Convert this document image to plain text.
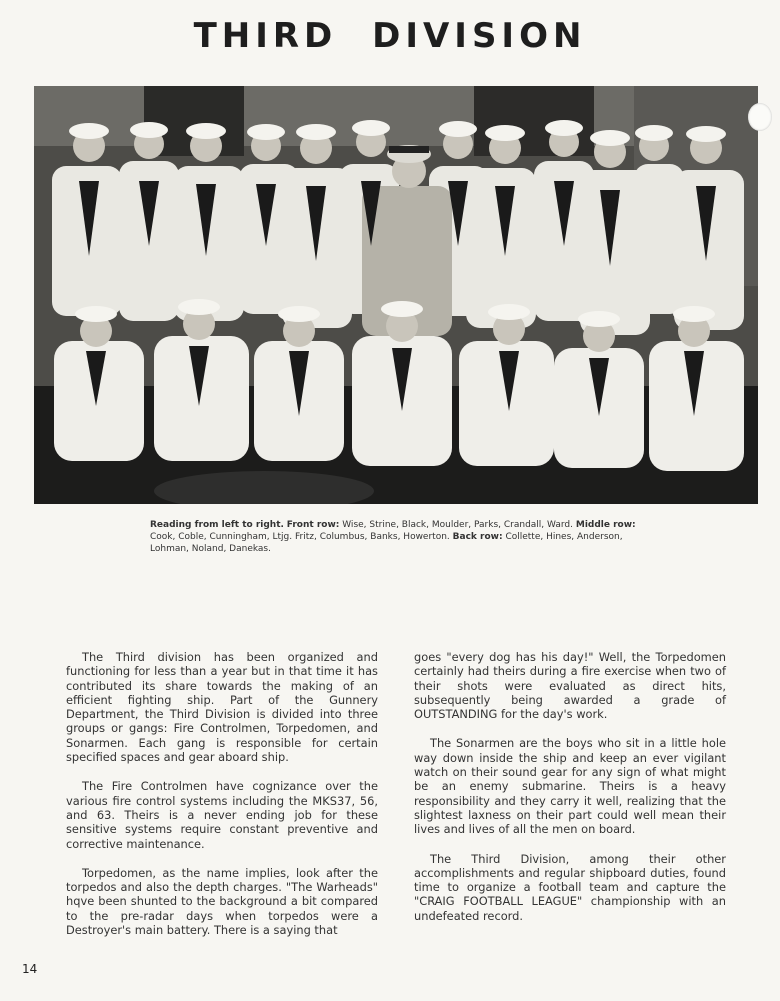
THIRD DIVISION
Reading from left to right. Front row: Wise, Strine, Black, Moulder, Parks, Crandall, Ward. Middle row: Cook, Coble, Cunningham, Ltjg. Fritz, Columbus, Banks, Howerton. Back row: Collette, Hines, Anderson, Lohman, Noland, Danekas.

The Third division has been organized and functioning for less than a year but in that time it has contributed its share towards the making of an efficient fighting ship. Part of the Gunnery Department, the Third Division is divided into three groups or gangs: Fire Controlmen, Torpedomen, and Sonarmen. Each gang is responsible for certain specified spaces and gear aboard ship.

The Fire Controlmen have cognizance over the various fire control systems including the MKS37, 56, and 63. Theirs is a never ending job for these sensitive systems require constant preventive and corrective maintenance.

Torpedomen, as the name implies, look after the torpedos and also the depth charges. "The Warheads" hqve been shunted to the background a bit compared to the pre-radar days when torpedos were a Destroyer's main battery. There is a saying that

goes "every dog has his day!" Well, the Torpedomen certainly had theirs during a fire exercise when two of their shots were evaluated as direct hits, subsequently being awarded a grade of OUTSTANDING for the day's work.

The Sonarmen are the boys who sit in a little hole way down inside the ship and keep an ever vigilant watch on their sound gear for any sign of what might be an enemy submarine. Theirs is a heavy responsibility and they carry it well, realizing that the slightest laxness on their part could well mean their lives and lives of all the men on board.

The Third Division, among their other accomplishments and regular shipboard duties, found time to organize a football team and capture the "CRAIG FOOTBALL LEAGUE" championship with an undefeated record.

14
